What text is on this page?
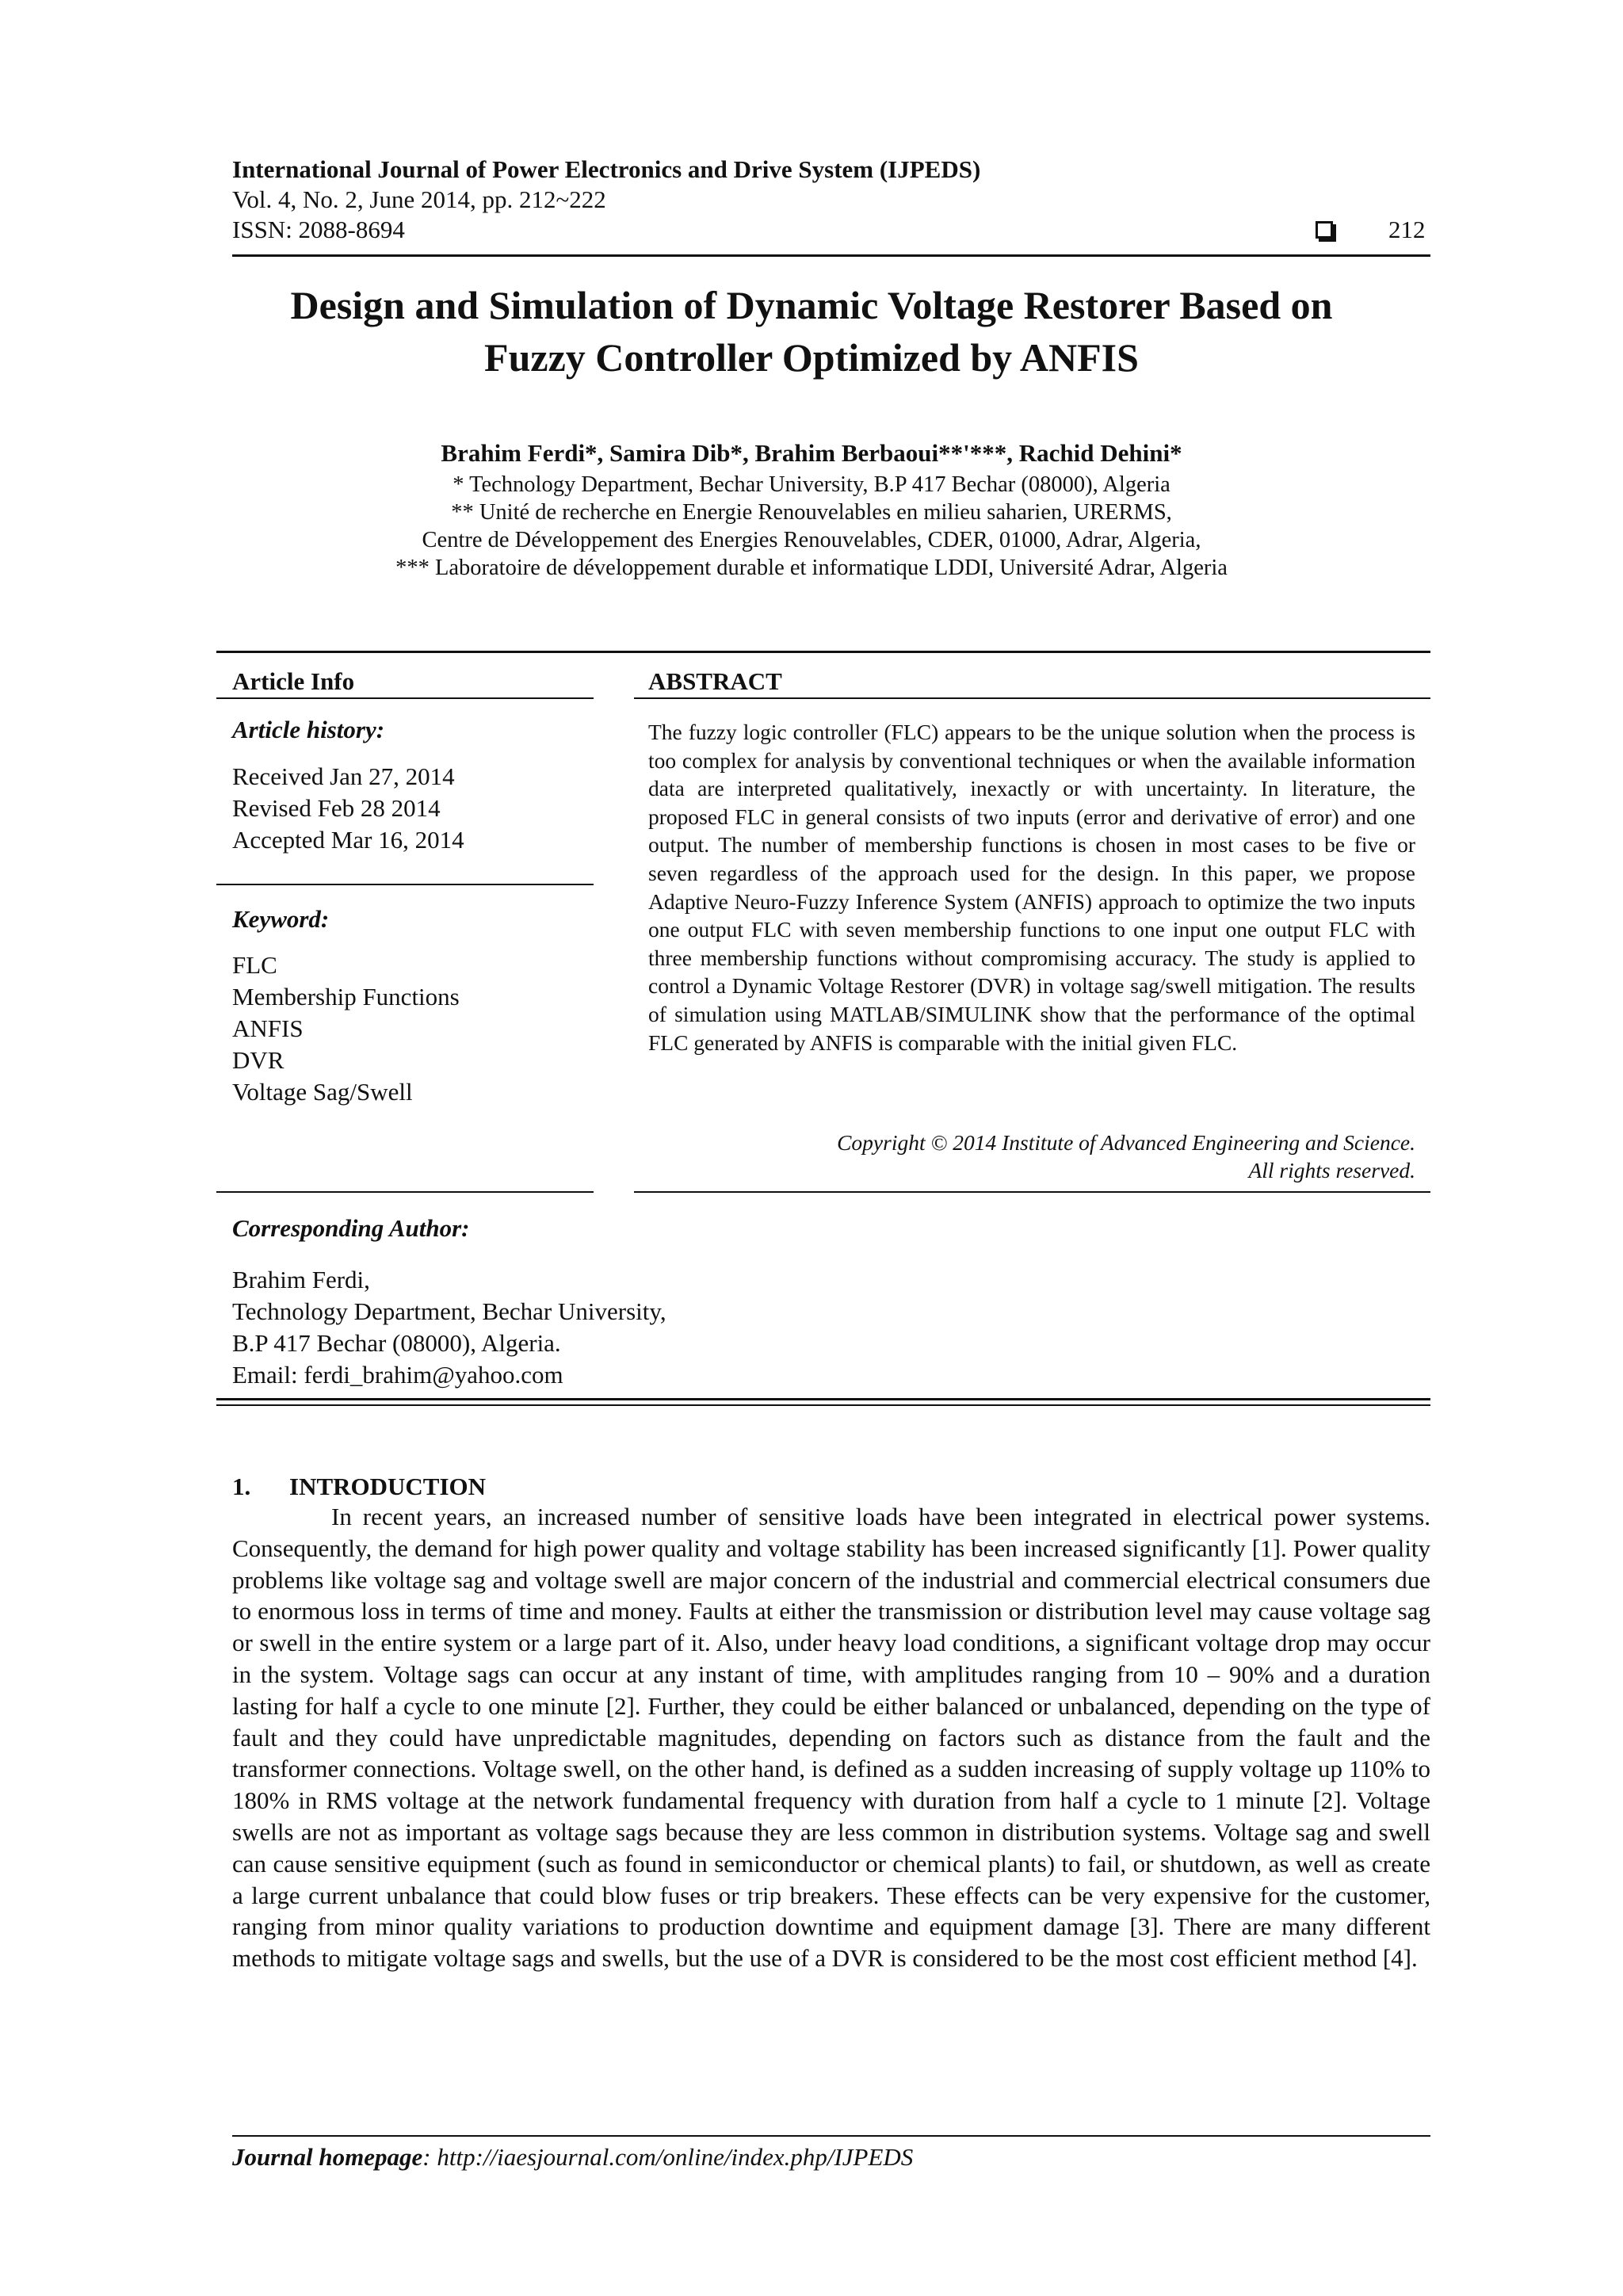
International Journal of Power Electronics and Drive System (IJPEDS)
Vol. 4, No. 2, June 2014, pp. 212~222
ISSN: 2088-8694	212
Design and Simulation of Dynamic Voltage Restorer Based on
Fuzzy Controller Optimized by ANFIS
Brahim Ferdi*, Samira Dib*, Brahim Berbaoui**'***, Rachid Dehini*
* Technology Department, Bechar University, B.P 417 Bechar (08000), Algeria
** Unité de recherche en Energie Renouvelables en milieu saharien, URERMS,
Centre de Développement des Energies Renouvelables, CDER, 01000, Adrar, Algeria,
*** Laboratoire de développement durable et informatique LDDI, Université Adrar, Algeria
Article Info
Article history:
Received Jan 27, 2014
Revised Feb 28 2014
Accepted Mar 16, 2014
Keyword:
FLC
Membership Functions
ANFIS
DVR
Voltage Sag/Swell
ABSTRACT
The fuzzy logic controller (FLC) appears to be the unique solution when the process is too complex for analysis by conventional techniques or when the available information data are interpreted qualitatively, inexactly or with uncertainty. In literature, the proposed FLC in general consists of two inputs (error and derivative of error) and one output. The number of membership functions is chosen in most cases to be five or seven regardless of the approach used for the design. In this paper, we propose Adaptive Neuro-Fuzzy Inference System (ANFIS) approach to optimize the two inputs one output FLC with seven membership functions to one input one output FLC with three membership functions without compromising accuracy. The study is applied to control a Dynamic Voltage Restorer (DVR) in voltage sag/swell mitigation. The results of simulation using MATLAB/SIMULINK show that the performance of the optimal FLC generated by ANFIS is comparable with the initial given FLC.
Copyright © 2014 Institute of Advanced Engineering and Science.
All rights reserved.
Corresponding Author:
Brahim Ferdi,
Technology Department, Bechar University,
B.P 417 Bechar (08000), Algeria.
Email: ferdi_brahim@yahoo.com
1. INTRODUCTION
In recent years, an increased number of sensitive loads have been integrated in electrical power systems. Consequently, the demand for high power quality and voltage stability has been increased significantly [1]. Power quality problems like voltage sag and voltage swell are major concern of the industrial and commercial electrical consumers due to enormous loss in terms of time and money. Faults at either the transmission or distribution level may cause voltage sag or swell in the entire system or a large part of it. Also, under heavy load conditions, a significant voltage drop may occur in the system. Voltage sags can occur at any instant of time, with amplitudes ranging from 10 – 90% and a duration lasting for half a cycle to one minute [2]. Further, they could be either balanced or unbalanced, depending on the type of fault and they could have unpredictable magnitudes, depending on factors such as distance from the fault and the transformer connections. Voltage swell, on the other hand, is defined as a sudden increasing of supply voltage up 110% to 180% in RMS voltage at the network fundamental frequency with duration from half a cycle to 1 minute [2]. Voltage swells are not as important as voltage sags because they are less common in distribution systems. Voltage sag and swell can cause sensitive equipment (such as found in semiconductor or chemical plants) to fail, or shutdown, as well as create a large current unbalance that could blow fuses or trip breakers. These effects can be very expensive for the customer, ranging from minor quality variations to production downtime and equipment damage [3]. There are many different methods to mitigate voltage sags and swells, but the use of a DVR is considered to be the most cost efficient method [4].
Journal homepage: http://iaesjournal.com/online/index.php/IJPEDS
